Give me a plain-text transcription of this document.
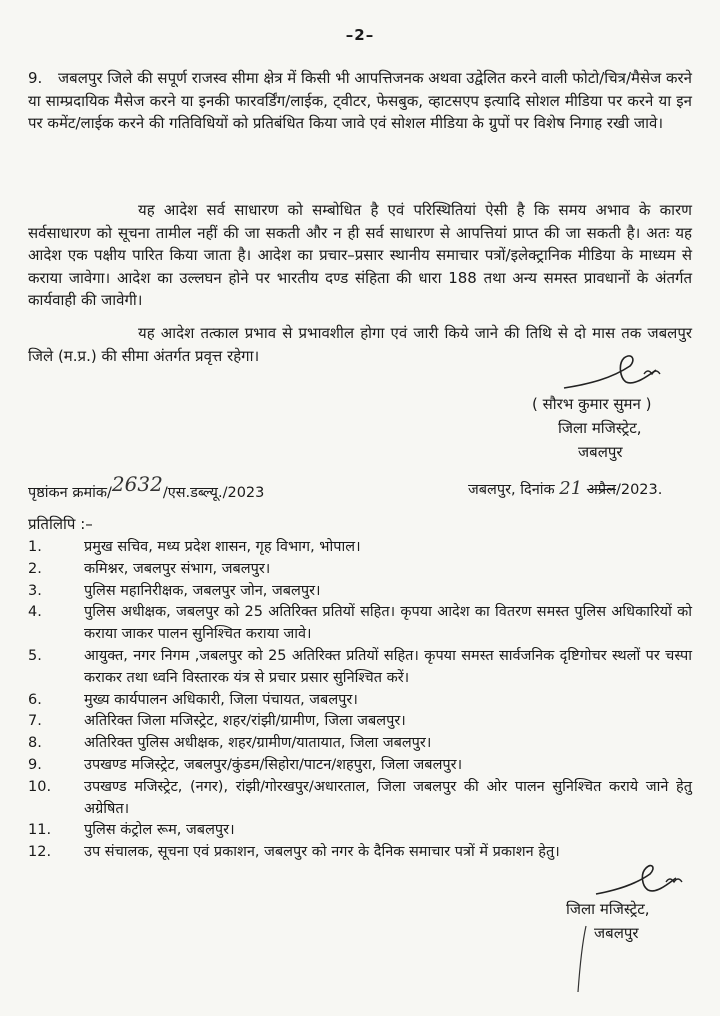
–2–

9. जबलपुर जिले की सपूर्ण राजस्व सीमा क्षेत्र में किसी भी आपत्तिजनक अथवा उद्वेलित करने वाली फोटो/चित्र/मैसेज करने या साम्प्रदायिक मैसेज करने या इनकी फारवर्डिंग/लाईक, ट्वीटर, फेसबुक, व्हाटसएप इत्यादि सोशल मीडिया पर करने या इन पर कमेंट/लाईक करने की गतिविधियों को प्रतिबंधित किया जावे एवं सोशल मीडिया के ग्रुपों पर विशेष निगाह रखी जावे।

यह आदेश सर्व साधारण को सम्बोधित है एवं परिस्थितियां ऐसी है कि समय अभाव के कारण सर्वसाधारण को सूचना तामील नहीं की जा सकती और न ही सर्व साधारण से आपत्तियां प्राप्त की जा सकती है। अतः यह आदेश एक पक्षीय पारित किया जाता है। आदेश का प्रचार–प्रसार स्थानीय समाचार पत्रों/इलेक्ट्रानिक मीडिया के माध्यम से कराया जावेगा। आदेश का उल्लघन होने पर भारतीय दण्ड संहिता की धारा 188 तथा अन्य समस्त प्रावधानों के अंतर्गत कार्यवाही की जावेगी।

यह आदेश तत्काल प्रभाव से प्रभावशील होगा एवं जारी किये जाने की तिथि से दो मास तक जबलपुर जिले (म.प्र.) की सीमा अंतर्गत प्रवृत्त रहेगा।

( सौरभ कुमार सुमन )
जिला मजिस्ट्रेट,
जबलपुर
पृष्ठांकन क्रमांक/2632/एस.डब्ल्यू./2023	जबलपुर, दिनांक 21 अप्रैल/2023.
प्रतिलिपि :–
1.	प्रमुख सचिव, मध्य प्रदेश शासन, गृह विभाग, भोपाल।
2.	कमिश्नर, जबलपुर संभाग, जबलपुर।
3.	पुलिस महानिरीक्षक, जबलपुर जोन, जबलपुर।
4.	पुलिस अधीक्षक, जबलपुर को 25 अतिरिक्त प्रतियों सहित। कृपया आदेश का वितरण समस्त पुलिस अधिकारियों को कराया जाकर पालन सुनिश्चित कराया जावे।
5.	आयुक्त, नगर निगम ,जबलपुर को 25 अतिरिक्त प्रतियों सहित। कृपया समस्त सार्वजनिक दृष्टिगोचर स्थलों पर चस्पा कराकर तथा ध्वनि विस्तारक यंत्र से प्रचार प्रसार सुनिश्चित करें।
6.	मुख्य कार्यपालन अधिकारी, जिला पंचायत, जबलपुर।
7.	अतिरिक्त जिला मजिस्ट्रेट, शहर/रांझी/ग्रामीण, जिला जबलपुर।
8.	अतिरिक्त पुलिस अधीक्षक, शहर/ग्रामीण/यातायात, जिला जबलपुर।
9.	उपखण्ड मजिस्ट्रेट, जबलपुर/कुंडम/सिहोरा/पाटन/शहपुरा, जिला जबलपुर।
10.	उपखण्ड मजिस्ट्रेट, (नगर), रांझी/गोरखपुर/अधारताल, जिला जबलपुर की ओर पालन सुनिश्चित कराये जाने हेतु अग्रेषित।
11.	पुलिस कंट्रोल रूम, जबलपुर।
12.	उप संचालक, सूचना एवं प्रकाशन, जबलपुर को नगर के दैनिक समाचार पत्रों में प्रकाशन हेतु।
जिला मजिस्ट्रेट,
जबलपुर
